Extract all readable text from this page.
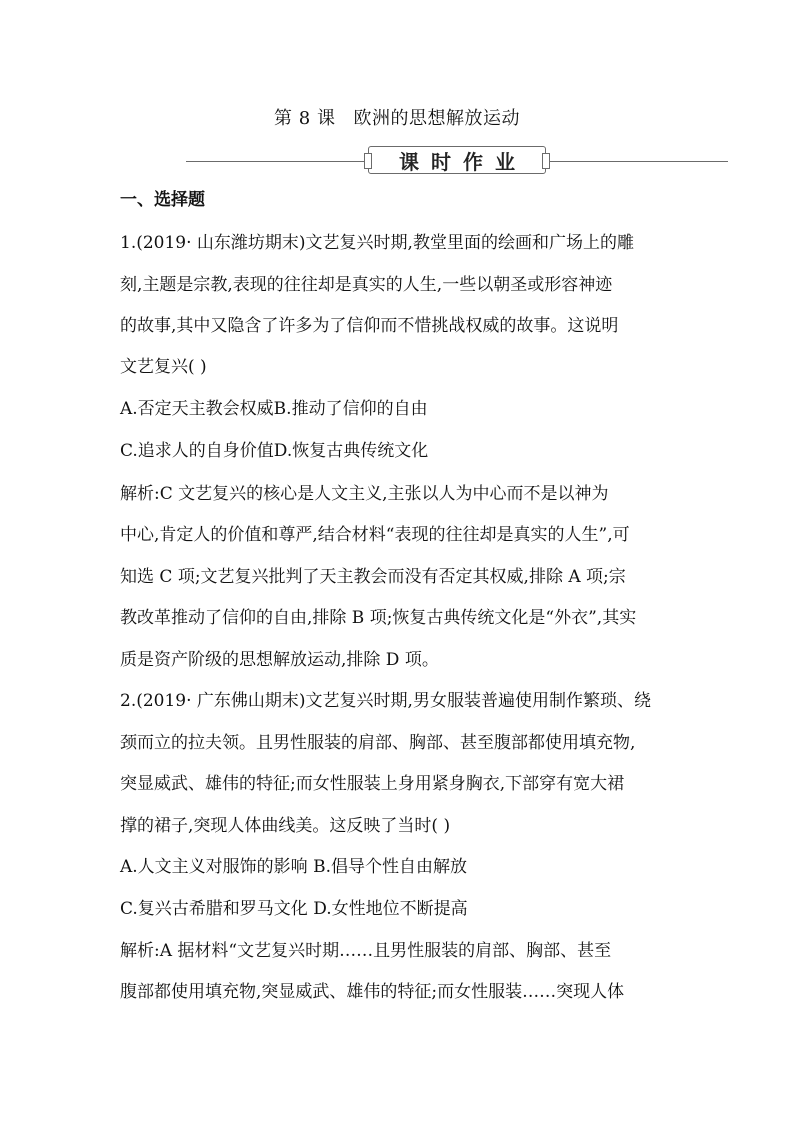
第 8 课 欧洲的思想解放运动
课时作业
一、选择题
1.(2019· 山东潍坊期末)文艺复兴时期,教堂里面的绘画和广场上的雕
刻,主题是宗教,表现的往往却是真实的人生,一些以朝圣或形容神迹
的故事,其中又隐含了许多为了信仰而不惜挑战权威的故事。这说明
文艺复兴( )
A.否定天主教会权威B.推动了信仰的自由
C.追求人的自身价值D.恢复古典传统文化
解析:C 文艺复兴的核心是人文主义,主张以人为中心而不是以神为
中心,肯定人的价值和尊严,结合材料“表现的往往却是真实的人生”,可
知选 C 项;文艺复兴批判了天主教会而没有否定其权威,排除 A 项;宗
教改革推动了信仰的自由,排除 B 项;恢复古典传统文化是“外衣”,其实
质是资产阶级的思想解放运动,排除 D 项。
2.(2019· 广东佛山期末)文艺复兴时期,男女服装普遍使用制作繁琐、绕
颈而立的拉夫领。且男性服装的肩部、胸部、甚至腹部都使用填充物,
突显威武、雄伟的特征;而女性服装上身用紧身胸衣,下部穿有宽大裙
撑的裙子,突现人体曲线美。这反映了当时( )
A.人文主义对服饰的影响 B.倡导个性自由解放
C.复兴古希腊和罗马文化 D.女性地位不断提高
解析:A 据材料“文艺复兴时期……且男性服装的肩部、胸部、甚至
腹部都使用填充物,突显威武、雄伟的特征;而女性服装……突现人体
